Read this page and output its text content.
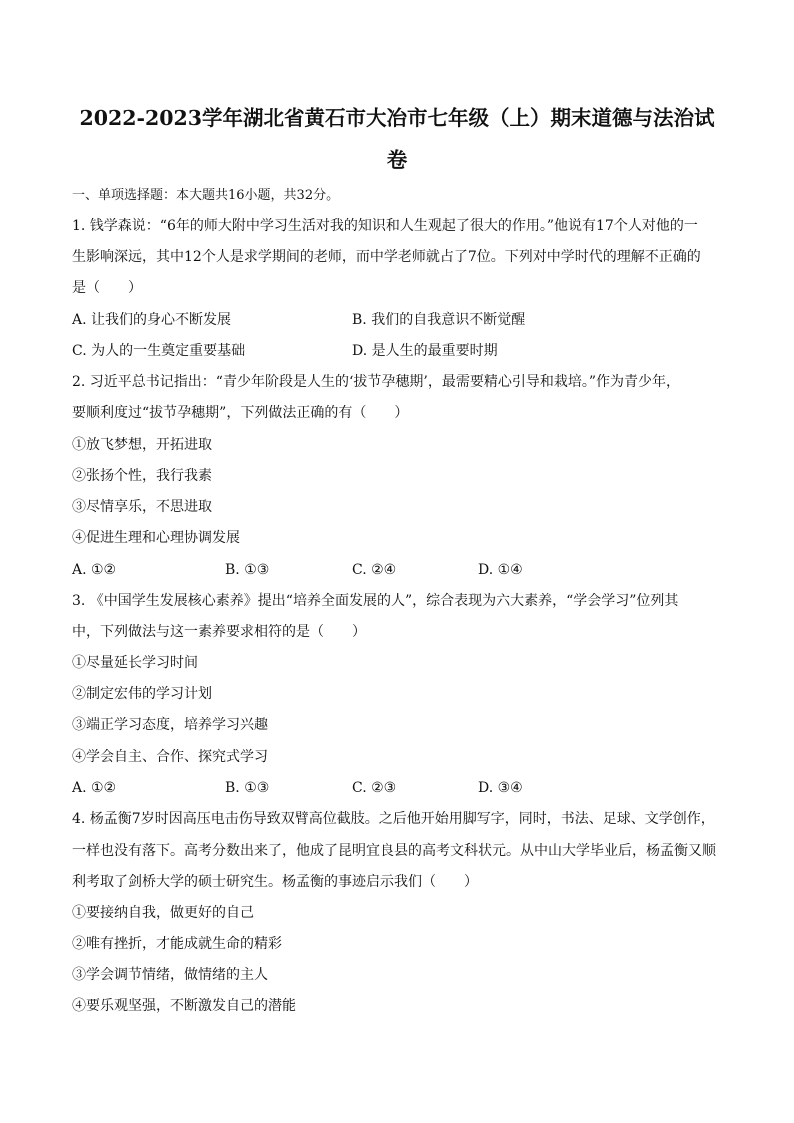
2022-2023学年湖北省黄石市大冶市七年级（上）期末道德与法治试
卷
一、单项选择题：本大题共16小题，共32分。
1. 钱学森说：“6年的师大附中学习生活对我的知识和人生观起了很大的作用。”他说有17个人对他的一
生影响深远，其中12个人是求学期间的老师，而中学老师就占了7位。下列对中学时代的理解不正确的
是（　　）
A. 让我们的身心不断发展	B. 我们的自我意识不断觉醒
C. 为人的一生奠定重要基础	D. 是人生的最重要时期
2. 习近平总书记指出：“青少年阶段是人生的‘拔节孕穗期’，最需要精心引导和栽培。”作为青少年，
要顺利度过“拔节孕穗期”，下列做法正确的有（　　）
①放飞梦想，开拓进取
②张扬个性，我行我素
③尽情享乐，不思进取
④促进生理和心理协调发展
A. ①②	B. ①③	C. ②④	D. ①④
3. 《中国学生发展核心素养》提出“培养全面发展的人”，综合表现为六大素养，“学会学习”位列其
中，下列做法与这一素养要求相符的是（　　）
①尽量延长学习时间
②制定宏伟的学习计划
③端正学习态度，培养学习兴趣
④学会自主、合作、探究式学习
A. ①②	B. ①③	C. ②③	D. ③④
4. 杨孟衡7岁时因高压电击伤导致双臂高位截肢。之后他开始用脚写字，同时，书法、足球、文学创作，
一样也没有落下。高考分数出来了，他成了昆明宜良县的高考文科状元。从中山大学毕业后，杨孟衡又顺
利考取了剑桥大学的硕士研究生。杨孟衡的事迹启示我们（　　）
①要接纳自我，做更好的自己
②唯有挫折，才能成就生命的精彩
③学会调节情绪，做情绪的主人
④要乐观坚强，不断激发自己的潜能
